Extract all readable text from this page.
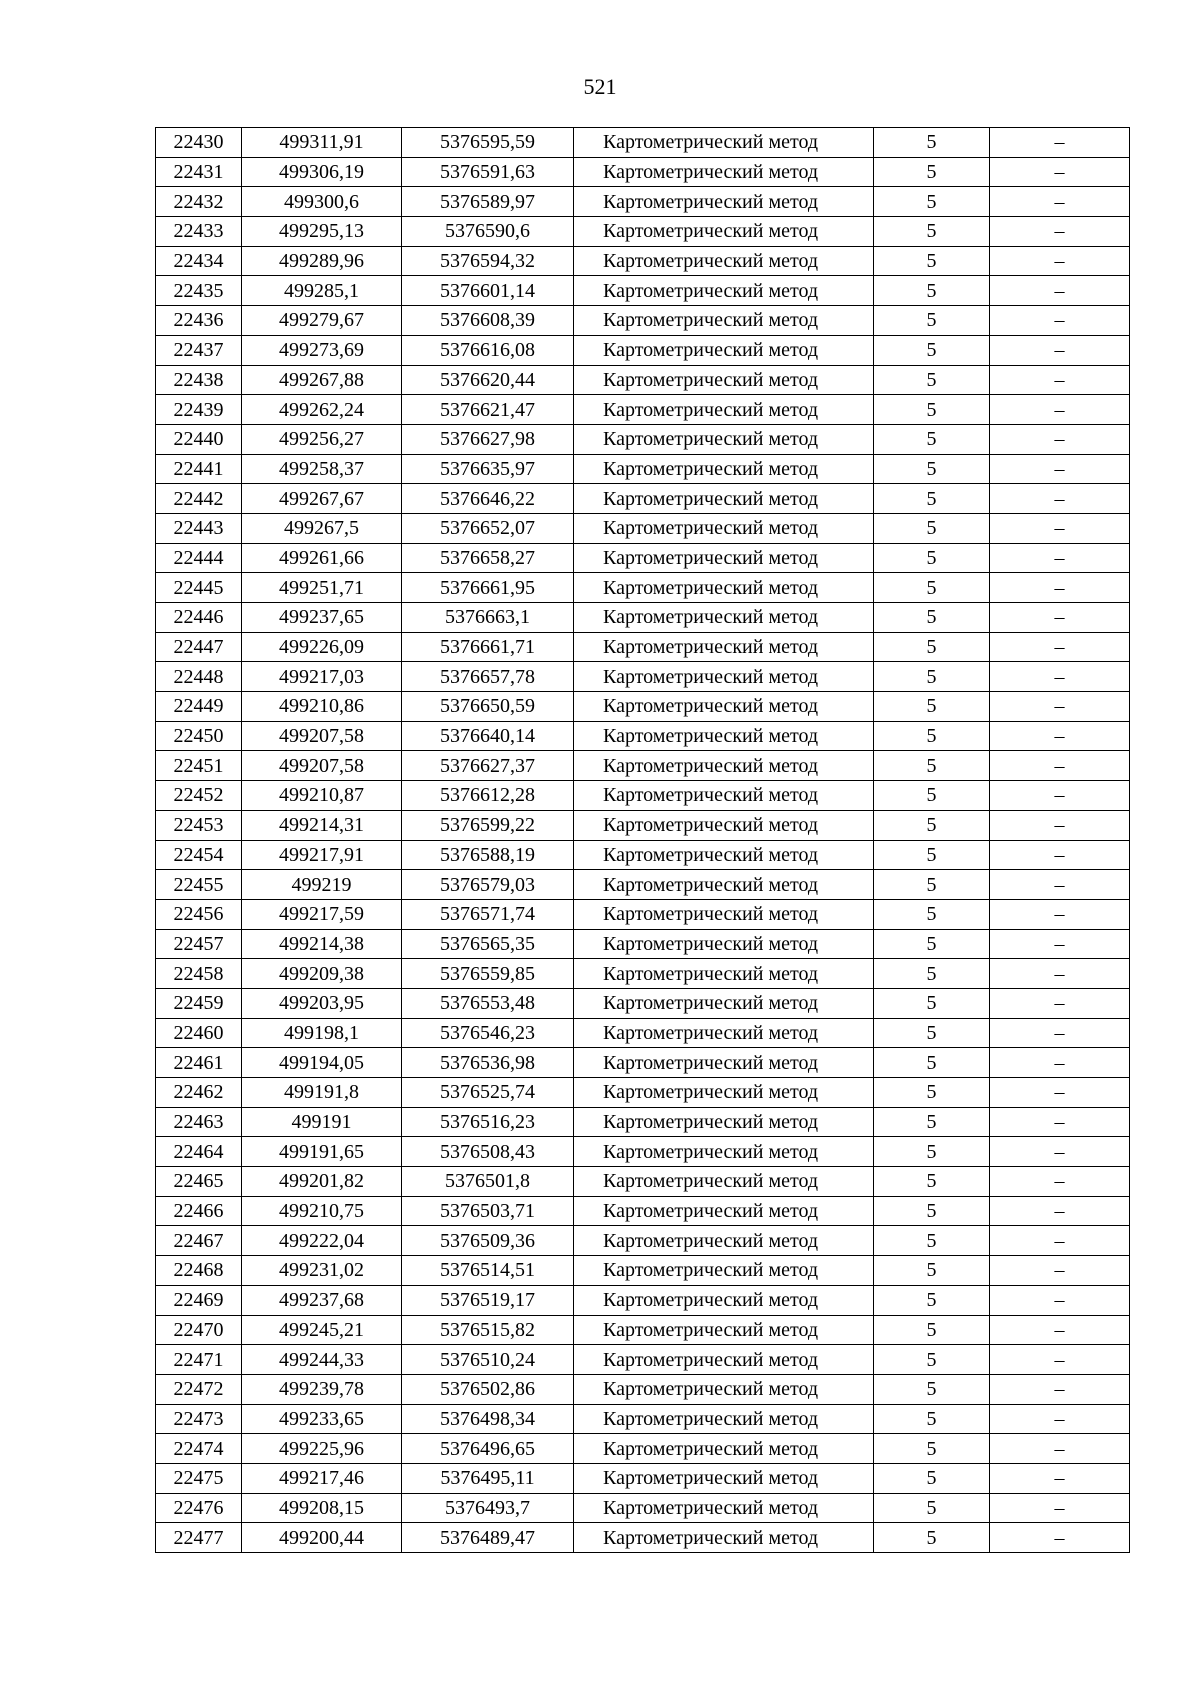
521
22430	499311,91	5376595,59	Картометрический метод	5	–
22431	499306,19	5376591,63	Картометрический метод	5	–
22432	499300,6	5376589,97	Картометрический метод	5	–
22433	499295,13	5376590,6	Картометрический метод	5	–
22434	499289,96	5376594,32	Картометрический метод	5	–
22435	499285,1	5376601,14	Картометрический метод	5	–
22436	499279,67	5376608,39	Картометрический метод	5	–
22437	499273,69	5376616,08	Картометрический метод	5	–
22438	499267,88	5376620,44	Картометрический метод	5	–
22439	499262,24	5376621,47	Картометрический метод	5	–
22440	499256,27	5376627,98	Картометрический метод	5	–
22441	499258,37	5376635,97	Картометрический метод	5	–
22442	499267,67	5376646,22	Картометрический метод	5	–
22443	499267,5	5376652,07	Картометрический метод	5	–
22444	499261,66	5376658,27	Картометрический метод	5	–
22445	499251,71	5376661,95	Картометрический метод	5	–
22446	499237,65	5376663,1	Картометрический метод	5	–
22447	499226,09	5376661,71	Картометрический метод	5	–
22448	499217,03	5376657,78	Картометрический метод	5	–
22449	499210,86	5376650,59	Картометрический метод	5	–
22450	499207,58	5376640,14	Картометрический метод	5	–
22451	499207,58	5376627,37	Картометрический метод	5	–
22452	499210,87	5376612,28	Картометрический метод	5	–
22453	499214,31	5376599,22	Картометрический метод	5	–
22454	499217,91	5376588,19	Картометрический метод	5	–
22455	499219	5376579,03	Картометрический метод	5	–
22456	499217,59	5376571,74	Картометрический метод	5	–
22457	499214,38	5376565,35	Картометрический метод	5	–
22458	499209,38	5376559,85	Картометрический метод	5	–
22459	499203,95	5376553,48	Картометрический метод	5	–
22460	499198,1	5376546,23	Картометрический метод	5	–
22461	499194,05	5376536,98	Картометрический метод	5	–
22462	499191,8	5376525,74	Картометрический метод	5	–
22463	499191	5376516,23	Картометрический метод	5	–
22464	499191,65	5376508,43	Картометрический метод	5	–
22465	499201,82	5376501,8	Картометрический метод	5	–
22466	499210,75	5376503,71	Картометрический метод	5	–
22467	499222,04	5376509,36	Картометрический метод	5	–
22468	499231,02	5376514,51	Картометрический метод	5	–
22469	499237,68	5376519,17	Картометрический метод	5	–
22470	499245,21	5376515,82	Картометрический метод	5	–
22471	499244,33	5376510,24	Картометрический метод	5	–
22472	499239,78	5376502,86	Картометрический метод	5	–
22473	499233,65	5376498,34	Картометрический метод	5	–
22474	499225,96	5376496,65	Картометрический метод	5	–
22475	499217,46	5376495,11	Картометрический метод	5	–
22476	499208,15	5376493,7	Картометрический метод	5	–
22477	499200,44	5376489,47	Картометрический метод	5	–
